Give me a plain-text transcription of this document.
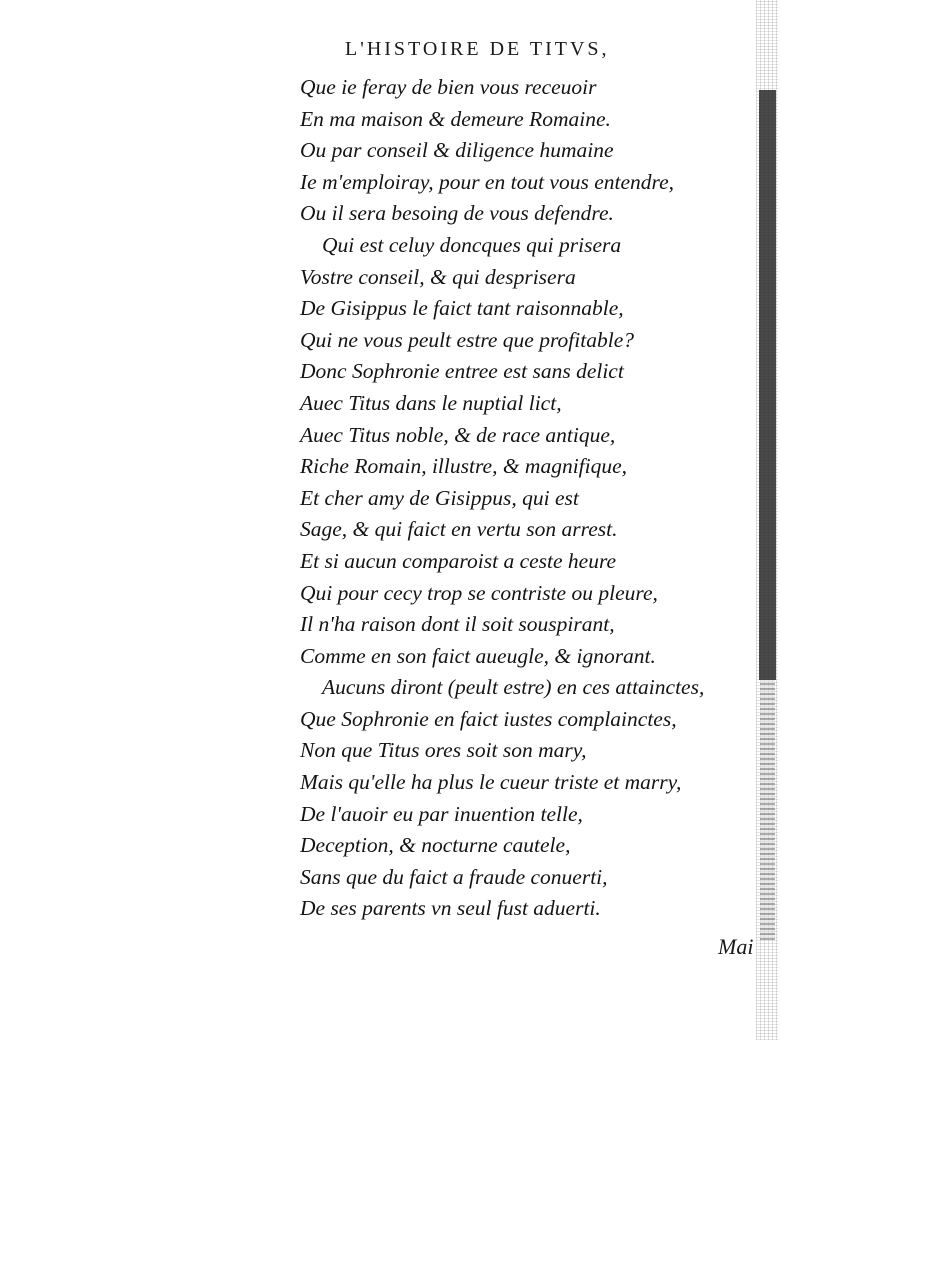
L'HISTOIRE DE TITVS,
Que ie feray de bien vous receuoir
En ma maison & demeure Romaine.
Ou par conseil & diligence humaine
Ie m'emploiray, pour en tout vous entendre,
Ou il sera besoing de vous defendre.
Qui est celuy doncques qui prisera
Vostre conseil, & qui desprisera
De Gisippus le faict tant raisonnable,
Qui ne vous peult estre que profitable?
Donc Sophronie entree est sans delict
Auec Titus dans le nuptial lict,
Auec Titus noble, & de race antique,
Riche Romain, illustre, & magnifique,
Et cher amy de Gisippus, qui est
Sage, & qui faict en vertu son arrest.
Et si aucun comparoist a ceste heure
Qui pour cecy trop se contriste ou pleure,
Il n'ha raison dont il soit souspirant,
Comme en son faict aueugle, & ignorant.
Aucuns diront (peult estre) en ces attainctes,
Que Sophronie en faict iustes complainctes,
Non que Titus ores soit son mary,
Mais qu'elle ha plus le cueur triste et marry,
De l'auoir eu par inuention telle,
Deception, & nocturne cautele,
Sans que du faict a fraude conuerti,
De ses parents vn seul fust aduerti.
Mai
